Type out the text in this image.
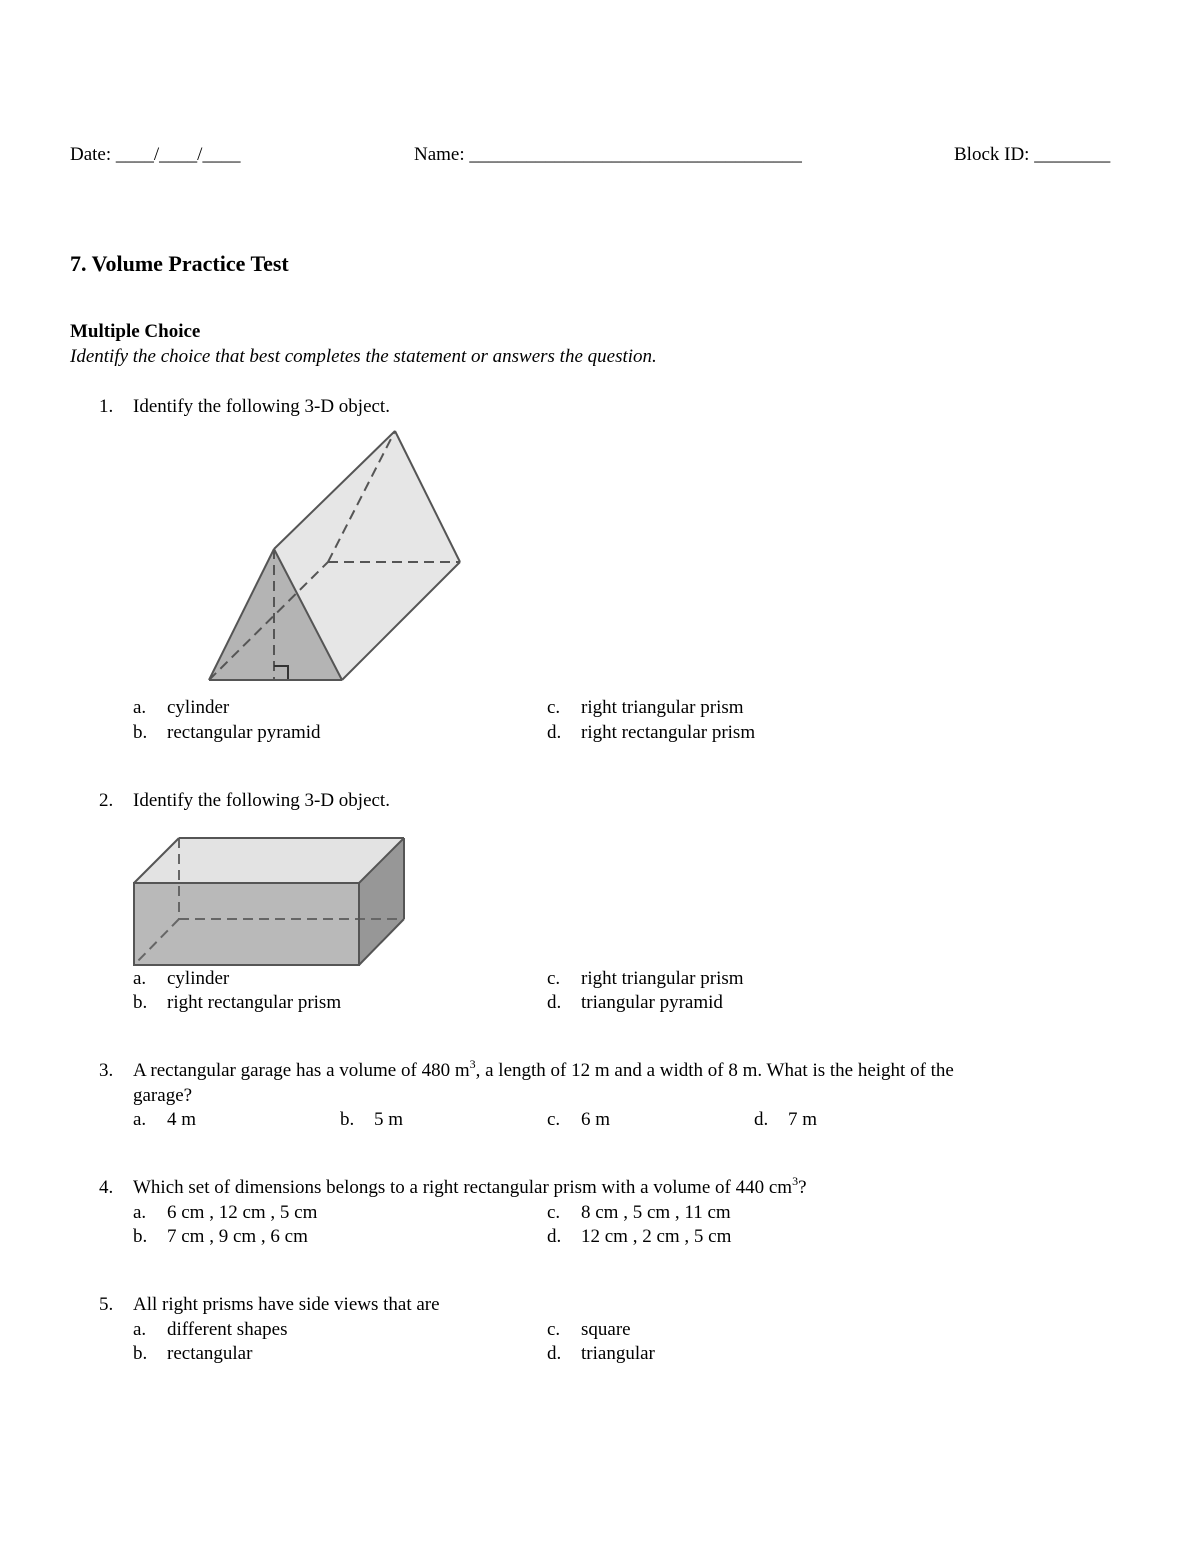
Date: ____/____/____	Name: ___________________________________	Block ID: ________
7. Volume Practice Test
Multiple Choice
Identify the choice that best completes the statement or answers the question.
1. Identify the following 3-D object.
a. cylinder
b. rectangular pyramid
c. right triangular prism
d. right rectangular prism
2. Identify the following 3-D object.
a. cylinder
b. right rectangular prism
c. right triangular prism
d. triangular pyramid
3. A rectangular garage has a volume of 480 $m^3$, a length of 12 m and a width of 8 m. What is the height of the
garage?
a. 4 m	b. 5 m	c. 6 m	d. 7 m
4. Which set of dimensions belongs to a right rectangular prism with a volume of 440 $cm^3$?
a. 6 cm , 12 cm , 5 cm
b. 7 cm , 9 cm , 6 cm
c. 8 cm , 5 cm , 11 cm
d. 12 cm , 2 cm , 5 cm
5. All right prisms have side views that are
a. different shapes
b. rectangular
c. square
d. triangular
